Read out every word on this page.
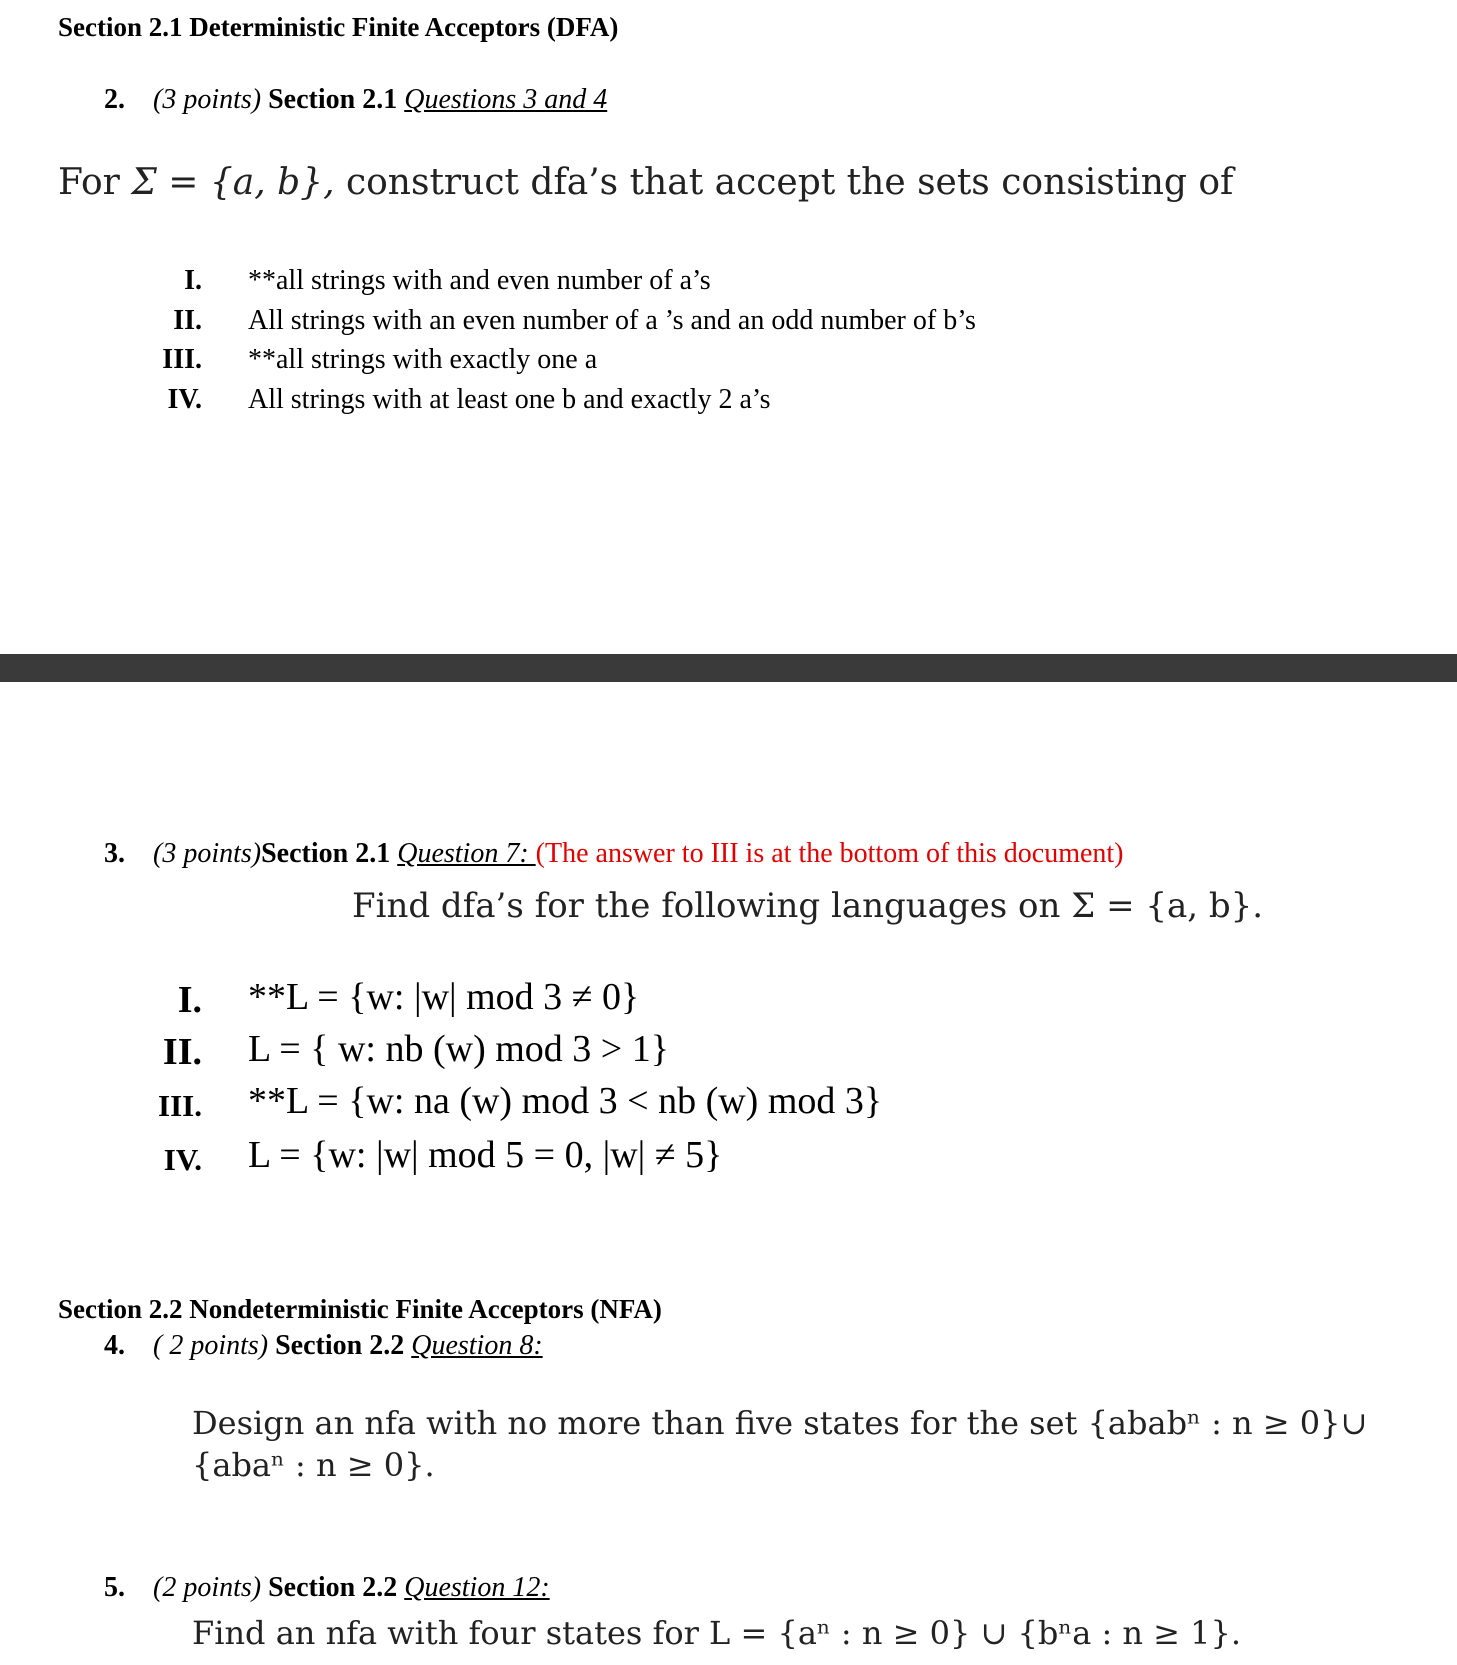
Section 2.1 Deterministic Finite Acceptors (DFA)
2. (3 points) Section 2.1 Questions 3 and 4
For Σ = {a, b}, construct dfa’s that accept the sets consisting of
I. **all strings with and even number of a’s
II. All strings with an even number of a ’s and an odd number of b’s
III. **all strings with exactly one a
IV. All strings with at least one b and exactly 2 a’s
3. (3 points)Section 2.1 Question 7: (The answer to III is at the bottom of this document)
Find dfa’s for the following languages on Σ = {a, b}.
I. **L = {w: |w| mod 3 ≠ 0}
II. L = { w: nb (w) mod 3 > 1}
III. **L = {w: na (w) mod 3 < nb (w) mod 3}
IV. L = {w: |w| mod 5 = 0, |w| ≠ 5}
Section 2.2 Nondeterministic Finite Acceptors (NFA)
4. ( 2 points) Section 2.2 Question 8:
Design an nfa with no more than five states for the set {ababⁿ : n ≥ 0}∪
{abaⁿ : n ≥ 0}.
5. (2 points) Section 2.2 Question 12:
Find an nfa with four states for L = {aⁿ : n ≥ 0} ∪ {bⁿa : n ≥ 1}.
